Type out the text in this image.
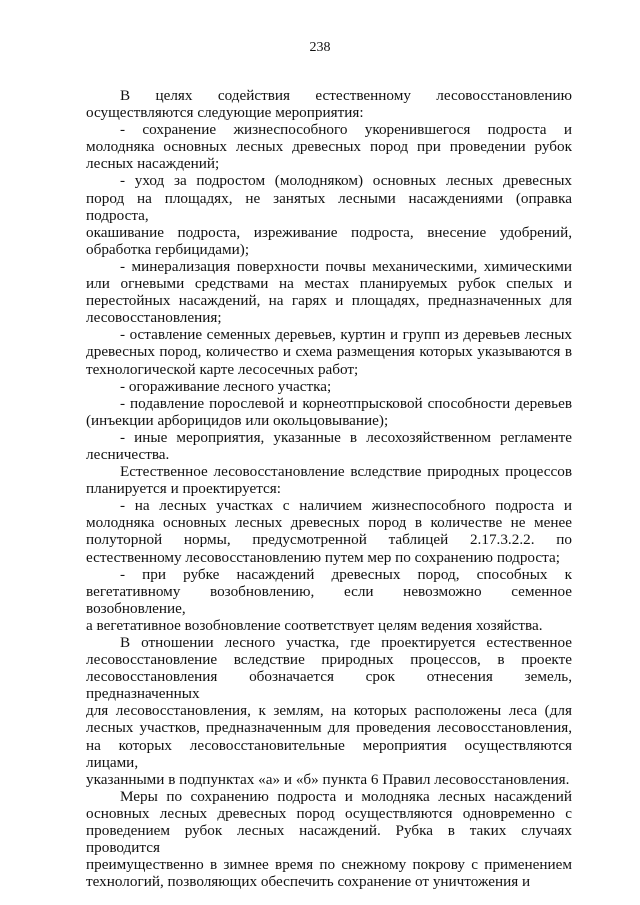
238
В целях содействия естественному лесовосстановлению
осуществляются следующие мероприятия:
- сохранение жизнеспособного укоренившегося подроста и
молодняка основных лесных древесных пород при проведении рубок
лесных насаждений;
- уход за подростом (молодняком) основных лесных древесных
пород на площадях, не занятых лесными насаждениями (оправка подроста,
окашивание подроста, изреживание подроста, внесение удобрений,
обработка гербицидами);
- минерализация поверхности почвы механическими, химическими
или огневыми средствами на местах планируемых рубок спелых и
перестойных насаждений, на гарях и площадях, предназначенных для
лесовосстановления;
- оставление семенных деревьев, куртин и групп из деревьев лесных
древесных пород, количество и схема размещения которых указываются в
технологической карте лесосечных работ;
- огораживание лесного участка;
- подавление порослевой и корнеотпрысковой способности деревьев
(инъекции арборицидов или окольцовывание);
- иные мероприятия, указанные в лесохозяйственном регламенте
лесничества.
Естественное лесовосстановление вследствие природных процессов
планируется и проектируется:
- на лесных участках с наличием жизнеспособного подроста и
молодняка основных лесных древесных пород в количестве не менее
полуторной нормы, предусмотренной таблицей 2.17.3.2.2. по
естественному лесовосстановлению путем мер по сохранению подроста;
- при рубке насаждений древесных пород, способных к
вегетативному возобновлению, если невозможно семенное возобновление,
а вегетативное возобновление соответствует целям ведения хозяйства.
В отношении лесного участка, где проектируется естественное
лесовосстановление вследствие природных процессов, в проекте
лесовосстановления обозначается срок отнесения земель, предназначенных
для лесовосстановления, к землям, на которых расположены леса (для
лесных участков, предназначенным для проведения лесовосстановления,
на которых лесовосстановительные мероприятия осуществляются лицами,
указанными в подпунктах «а» и «б» пункта 6 Правил лесовосстановления.
Меры по сохранению подроста и молодняка лесных насаждений
основных лесных древесных пород осуществляются одновременно с
проведением рубок лесных насаждений. Рубка в таких случаях проводится
преимущественно в зимнее время по снежному покрову с применением
технологий, позволяющих обеспечить сохранение от уничтожения и
